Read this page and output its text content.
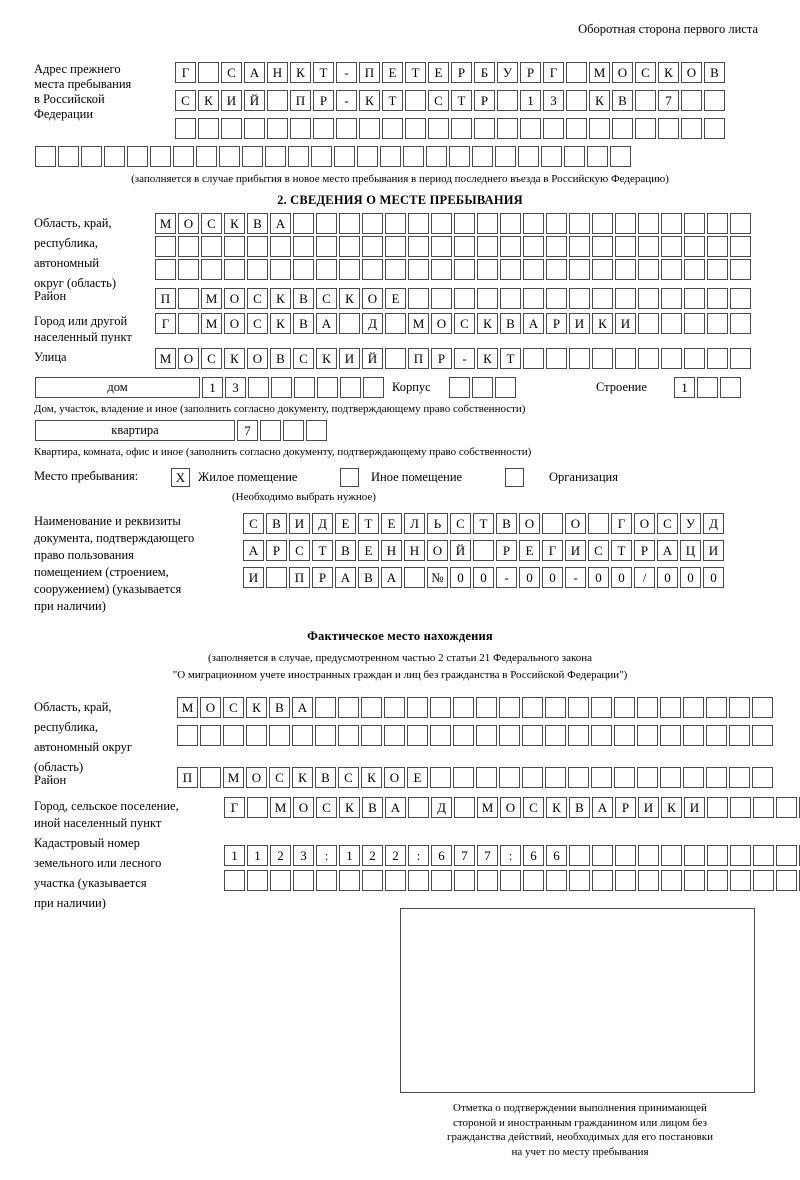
Оборотная сторона первого листа
Адрес прежнего
места пребывания
в Российской
Федерации
Г	С	А	Н	К	Т	-	П	Е	Т	Е	Р	Б	У	Р	Г	М О	С	К	О	В
С	К	И	Й	П	Р	-	К	Т	С	Т	Р	1	3	К	В	7
(заполняется в случае прибытия в новое место пребывания в период последнего въезда в Российскую Федерацию)
2. СВЕДЕНИЯ О МЕСТЕ ПРЕБЫВАНИЯ
Область, край,
республика,
автономный
округ (область)
М О	С	К	В	А
Район	П	М О	С	К	В	С	К	О	Е
Город или другой
населенный пункт
Г	М О	С	К	В	А	Д	М О	С	К	В	А	Р	И	К	И
Улица	М О	С	К	О	В	С	К	И	Й	П	Р	-	К	Т
дом	1	3	Корпус	Строение	1
Дом, участок, владение и иное (заполнить согласно документу, подтверждающему право собственности)
квартира	7
Квартира, комната, офис и иное (заполнить согласно документу, подтверждающему право собственности)
Место пребывания:	X	Жилое помещение	Иное помещение	Организация
(Необходимо выбрать нужное)
Наименование и реквизиты
документа, подтверждающего
право пользования
помещением (строением,
сооружением) (указывается
при наличии)
С	В	И	Д	Е	Т	Е	Л	Ь	С	Т	В	О	О	Г	О	С	У	Д
А	Р	С	Т	В	Е	Н	Н	О	Й	Р	Е	Г	И	С	Т	Р	А	Ц	И
И	П	Р	А	В	А	№	0	0	-	0	0	-	0	0	/	0	0	0
Фактическое место нахождения
(заполняется в случае, предусмотренном частью 2 статьи 21 Федерального закона
"О миграционном учете иностранных граждан и лиц без гражданства в Российской Федерации")
Область, край,
республика,
автономный округ
(область)
М О	С	К	В	А
Район	П	М О	С	К	В	С	К	О	Е
Город, сельское поселение,
иной населенный пункт
Г	М О	С	К	В	А	Д	М О	С	К	В	А	Р	И	К	И
Кадастровый номер
земельного или лесного
участка (указывается
при наличии)
1	1	2	3	:	1	2	2	:	6	7	7	:	6	6
Отметка о подтверждении выполнения принимающей
стороной и иностранным гражданином или лицом без
гражданства действий, необходимых для его постановки
на учет по месту пребывания
